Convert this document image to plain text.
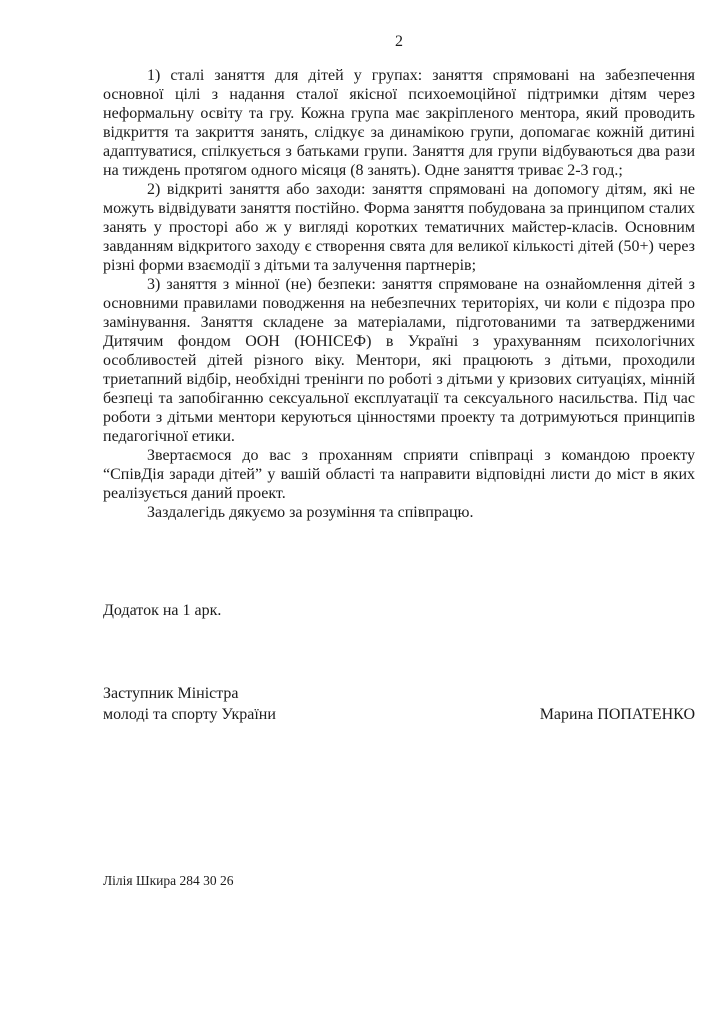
2

1) сталі заняття для дітей у групах: заняття спрямовані на забезпечення основної цілі з надання сталої якісної психоемоційної підтримки дітям через неформальну освіту та гру. Кожна група має закріпленого ментора, який проводить відкриття та закриття занять, слідкує за динамікою групи, допомагає кожній дитині адаптуватися, спілкується з батьками групи. Заняття для групи відбуваються два рази на тиждень протягом одного місяця (8 занять). Одне заняття триває 2-3 год.;

2) відкриті заняття або заходи: заняття спрямовані на допомогу дітям, які не можуть відвідувати заняття постійно. Форма заняття побудована за принципом сталих занять у просторі або ж у вигляді коротких тематичних майстер-класів. Основним завданням відкритого заходу є створення свята для великої кількості дітей (50+) через різні форми взаємодії з дітьми та залучення партнерів;

3) заняття з мінної (не) безпеки: заняття спрямоване на ознайомлення дітей з основними правилами поводження на небезпечних територіях, чи коли є підозра про замінування. Заняття складене за матеріалами, підготованими та затвердженими Дитячим фондом ООН (ЮНІСЕФ) в Україні з урахуванням психологічних особливостей дітей різного віку. Ментори, які працюють з дітьми, проходили триетапний відбір, необхідні тренінги по роботі з дітьми у кризових ситуаціях, мінній безпеці та запобіганню сексуальної експлуатації та сексуального насильства. Під час роботи з дітьми ментори керуються цінностями проекту та дотримуються принципів педагогічної етики.

Звертаємося до вас з проханням сприяти співпраці з командою проекту “СпівДія заради дітей” у вашій області та направити відповідні листи до міст в яких реалізується даний проект.

Заздалегідь дякуємо за розуміння та співпрацю.

Додаток на 1 арк.
Заступник Міністра
молоді та спорту України	Марина ПОПАТЕНКО
Лілія Шкира 284 30 26
